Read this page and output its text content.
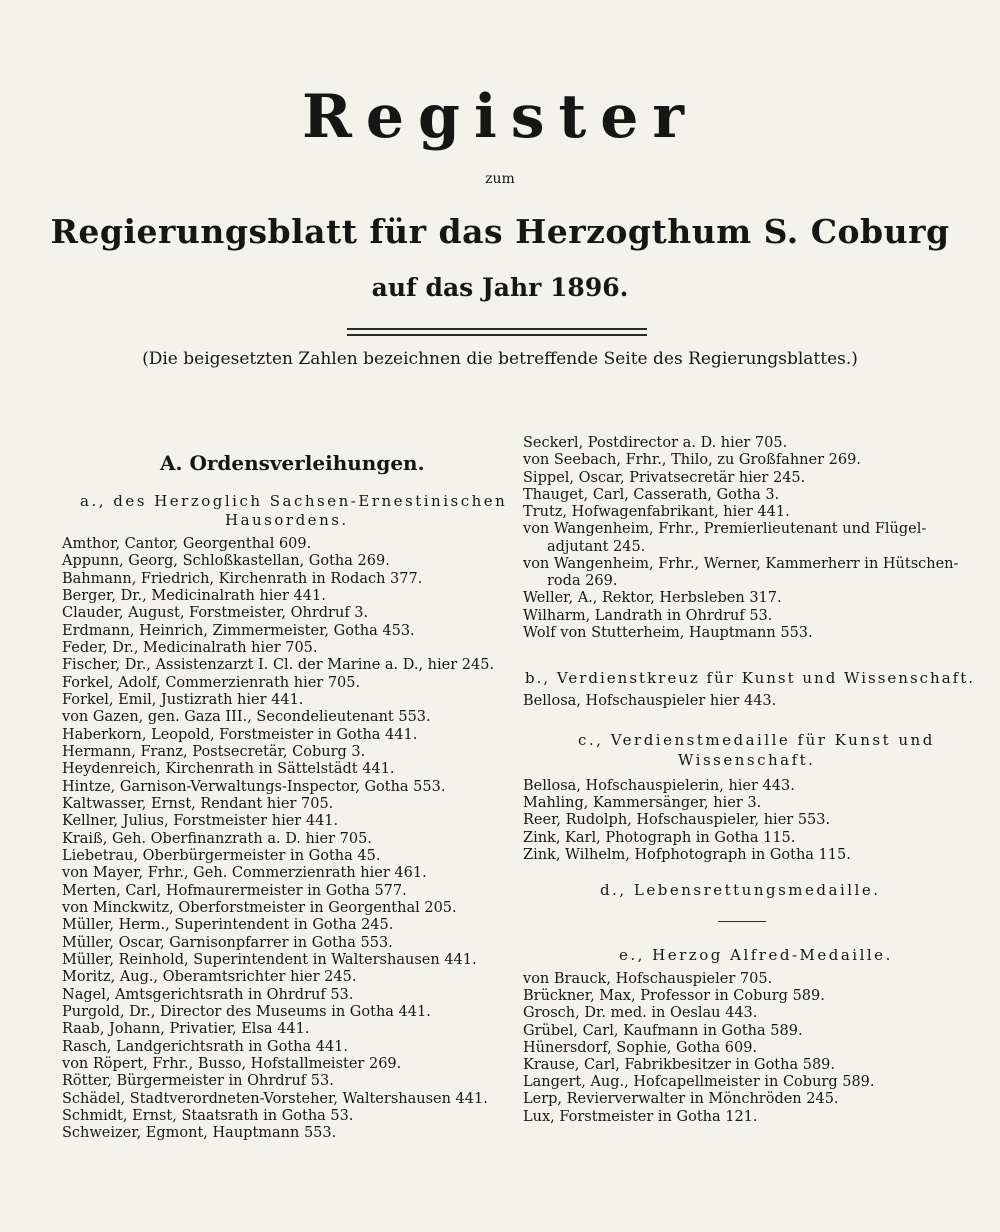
Register
zum
Regierungsblatt für das Herzogthum S. Coburg
auf das Jahr 1896.
(Die beigesetzten Zahlen bezeichnen die betreffende Seite des Regierungsblattes.)
A. Ordensverleihungen.
a., des Herzoglich Sachsen-Ernestinischen
Hausordens.
Amthor, Cantor, Georgenthal 609.
Appunn, Georg, Schloßkastellan, Gotha 269.
Bahmann, Friedrich, Kirchenrath in Rodach 377.
Berger, Dr., Medicinalrath hier 441.
Clauder, August, Forstmeister, Ohrdruf 3.
Erdmann, Heinrich, Zimmermeister, Gotha 453.
Feder, Dr., Medicinalrath hier 705.
Fischer, Dr., Assistenzarzt I. Cl. der Marine a. D., hier 245.
Forkel, Adolf, Commerzienrath hier 705.
Forkel, Emil, Justizrath hier 441.
von Gazen, gen. Gaza III., Secondelieutenant 553.
Haberkorn, Leopold, Forstmeister in Gotha 441.
Hermann, Franz, Postsecretär, Coburg 3.
Heydenreich, Kirchenrath in Sättelstädt 441.
Hintze, Garnison-Verwaltungs-Inspector, Gotha 553.
Kaltwasser, Ernst, Rendant hier 705.
Kellner, Julius, Forstmeister hier 441.
Kraiß, Geh. Oberfinanzrath a. D. hier 705.
Liebetrau, Oberbürgermeister in Gotha 45.
von Mayer, Frhr., Geh. Commerzienrath hier 461.
Merten, Carl, Hofmaurermeister in Gotha 577.
von Minckwitz, Oberforstmeister in Georgenthal 205.
Müller, Herm., Superintendent in Gotha 245.
Müller, Oscar, Garnisonpfarrer in Gotha 553.
Müller, Reinhold, Superintendent in Waltershausen 441.
Moritz, Aug., Oberamtsrichter hier 245.
Nagel, Amtsgerichtsrath in Ohrdruf 53.
Purgold, Dr., Director des Museums in Gotha 441.
Raab, Johann, Privatier, Elsa 441.
Rasch, Landgerichtsrath in Gotha 441.
von Röpert, Frhr., Busso, Hofstallmeister 269.
Rötter, Bürgermeister in Ohrdruf 53.
Schädel, Stadtverordneten-Vorsteher, Waltershausen 441.
Schmidt, Ernst, Staatsrath in Gotha 53.
Schweizer, Egmont, Hauptmann 553.
Seckerl, Postdirector a. D. hier 705.
von Seebach, Frhr., Thilo, zu Großfahner 269.
Sippel, Oscar, Privatsecretär hier 245.
Thauget, Carl, Casserath, Gotha 3.
Trutz, Hofwagenfabrikant, hier 441.
von Wangenheim, Frhr., Premierlieutenant und Flügel-
adjutant 245.
von Wangenheim, Frhr., Werner, Kammerherr in Hütschen-
roda 269.
Weller, A., Rektor, Herbsleben 317.
Wilharm, Landrath in Ohrdruf 53.
Wolf von Stutterheim, Hauptmann 553.
b., Verdienstkreuz für Kunst und Wissenschaft.
Bellosa, Hofschauspieler hier 443.
c., Verdienstmedaille für Kunst und
Wissenschaft.
Bellosa, Hofschauspielerin, hier 443.
Mahling, Kammersänger, hier 3.
Reer, Rudolph, Hofschauspieler, hier 553.
Zink, Karl, Photograph in Gotha 115.
Zink, Wilhelm, Hofphotograph in Gotha 115.
d., Lebensrettungsmedaille.
e., Herzog Alfred-Medaille.
von Brauck, Hofschauspieler 705.
Brückner, Max, Professor in Coburg 589.
Grosch, Dr. med. in Oeslau 443.
Grübel, Carl, Kaufmann in Gotha 589.
Hünersdorf, Sophie, Gotha 609.
Krause, Carl, Fabrikbesitzer in Gotha 589.
Langert, Aug., Hofcapellmeister in Coburg 589.
Lerp, Revierverwalter in Mönchröden 245.
Lux, Forstmeister in Gotha 121.
